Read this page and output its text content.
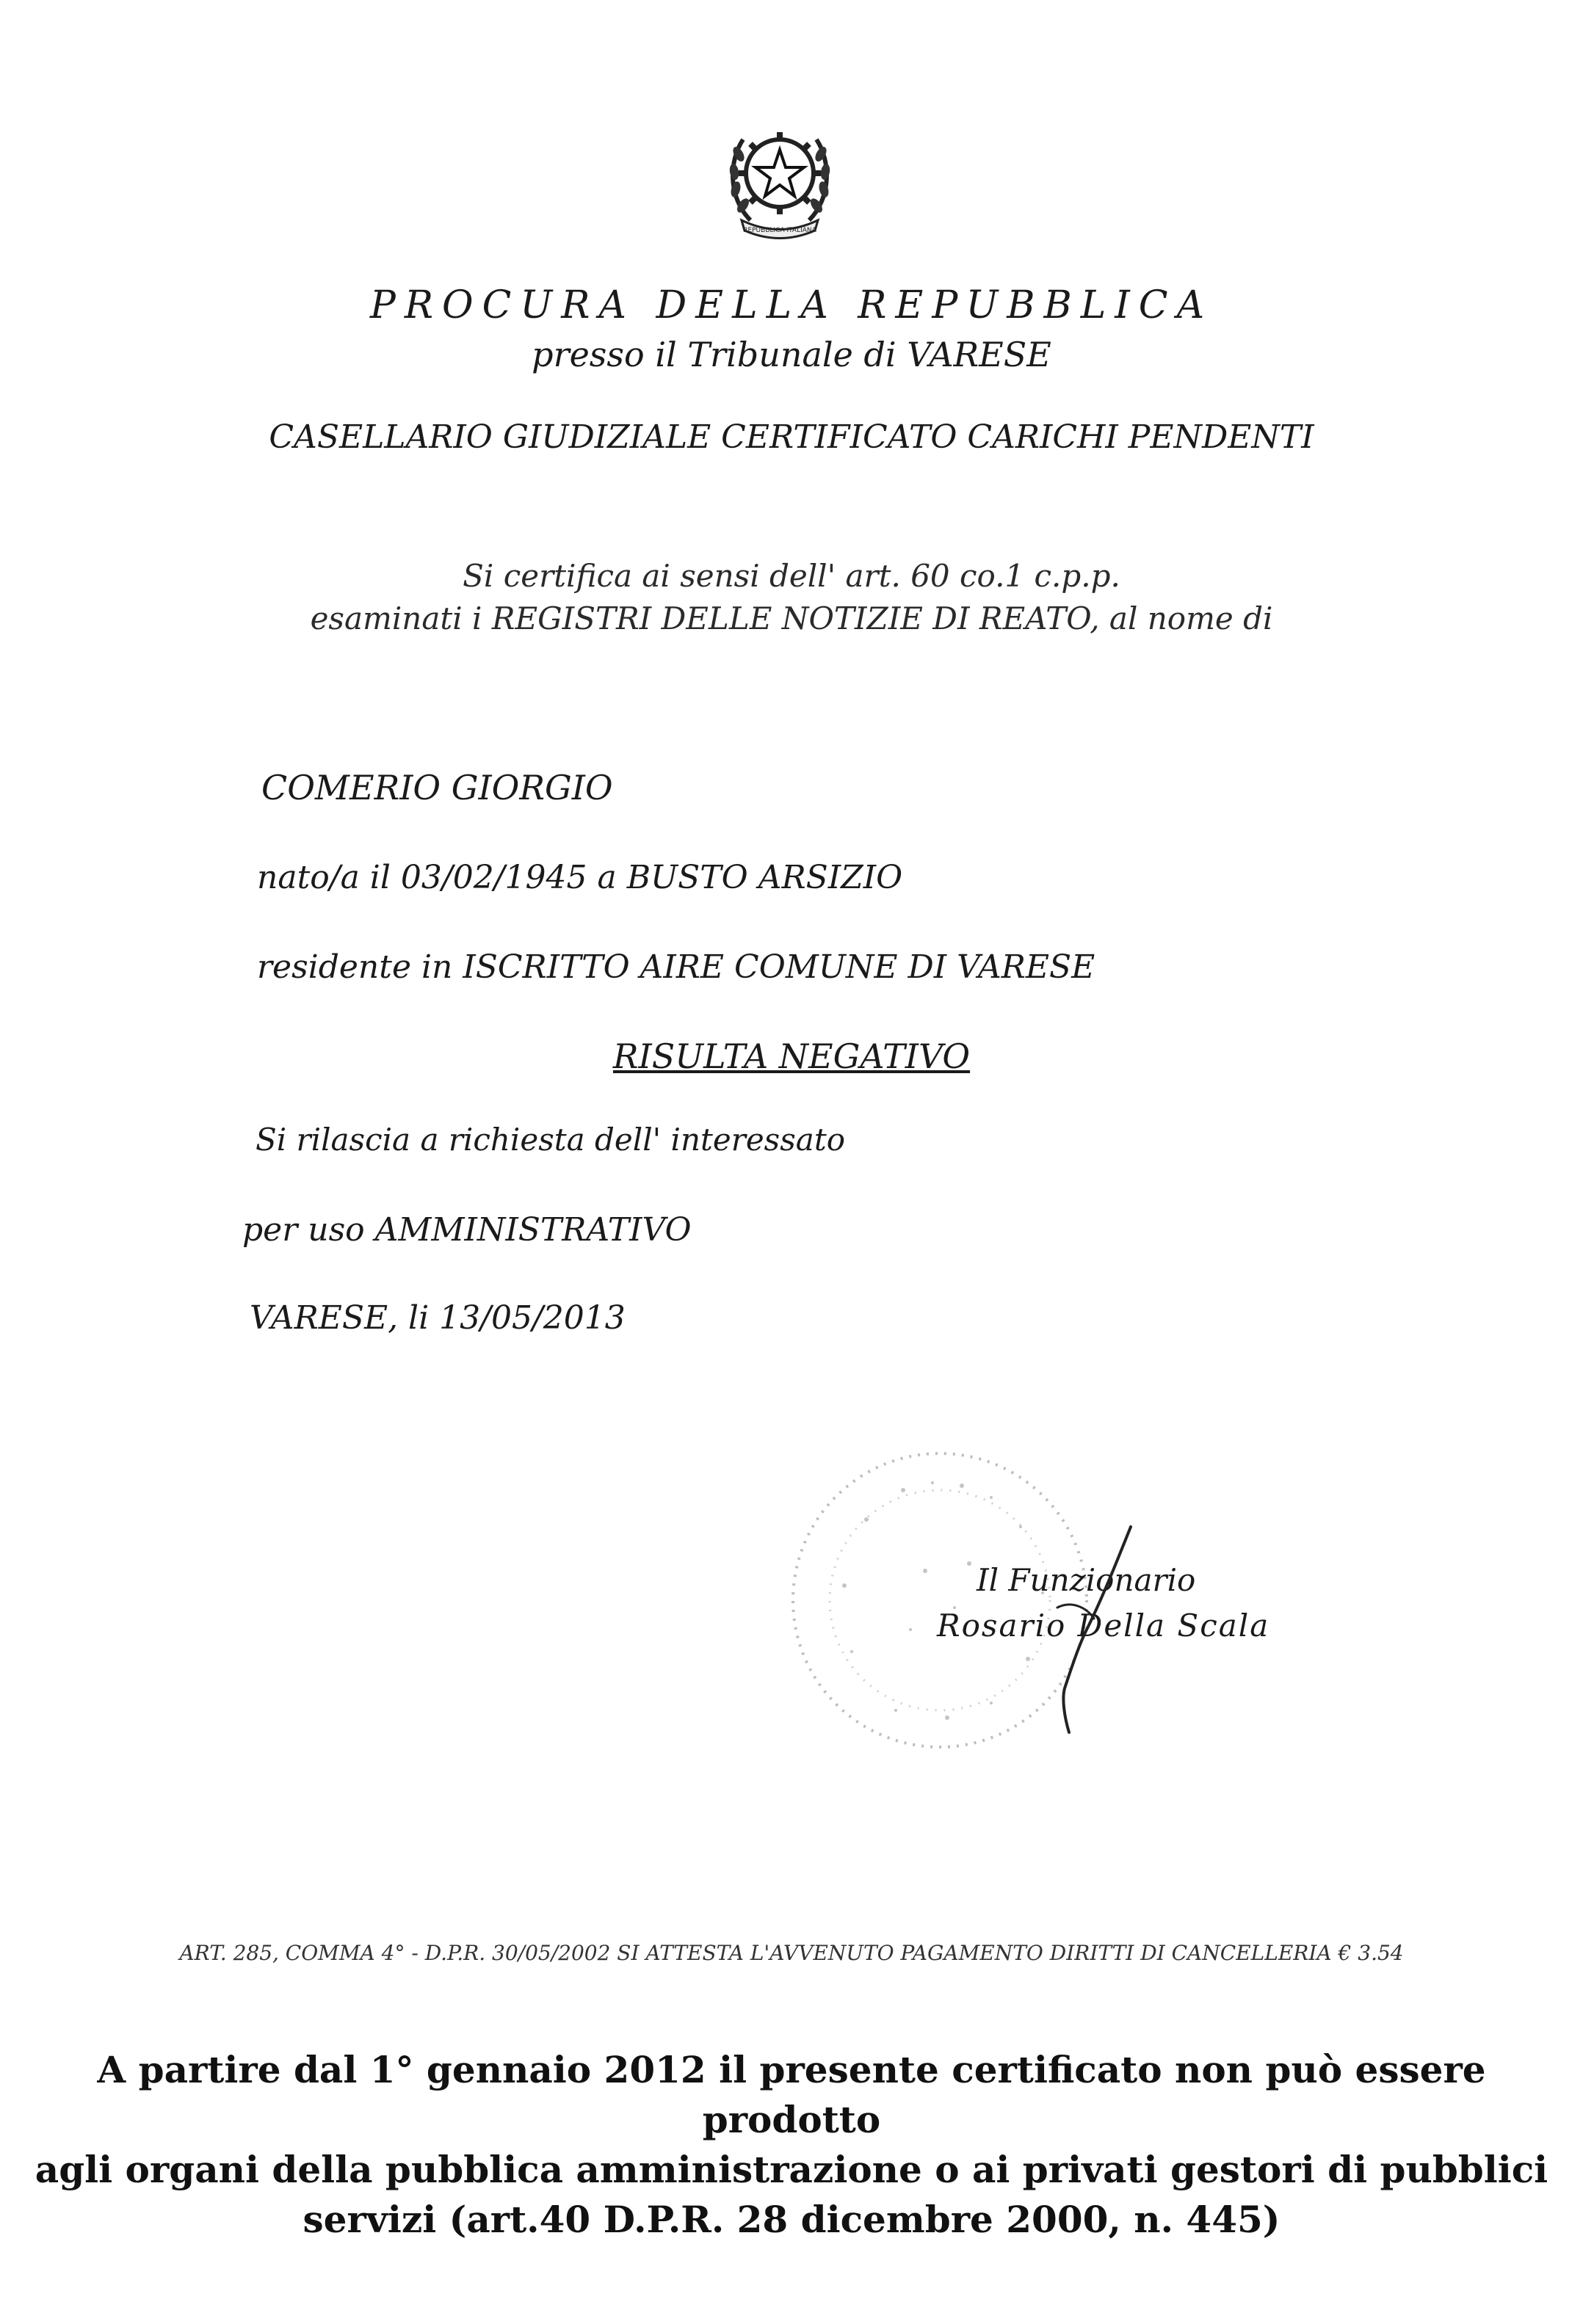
REPUBBLICA ITALIANA
PROCURA DELLA REPUBBLICA
presso il Tribunale di VARESE
CASELLARIO GIUDIZIALE CERTIFICATO CARICHI PENDENTI
Si certifica ai sensi dell' art. 60 co.1 c.p.p.
esaminati i REGISTRI DELLE NOTIZIE DI REATO, al nome di
COMERIO GIORGIO
nato/a il 03/02/1945 a BUSTO ARSIZIO
residente in ISCRITTO AIRE COMUNE DI VARESE
RISULTA NEGATIVO
Si rilascia a richiesta dell' interessato
per uso AMMINISTRATIVO
VARESE, li 13/05/2013
Il Funzionario
Rosario Della Scala
ART. 285, COMMA 4° - D.P.R. 30/05/2002 SI ATTESTA L'AVVENUTO PAGAMENTO DIRITTI DI CANCELLERIA € 3.54
A partire dal 1° gennaio 2012 il presente certificato non può essere prodotto
agli organi della pubblica amministrazione o ai privati gestori di pubblici
servizi (art.40 D.P.R. 28 dicembre 2000, n. 445)
